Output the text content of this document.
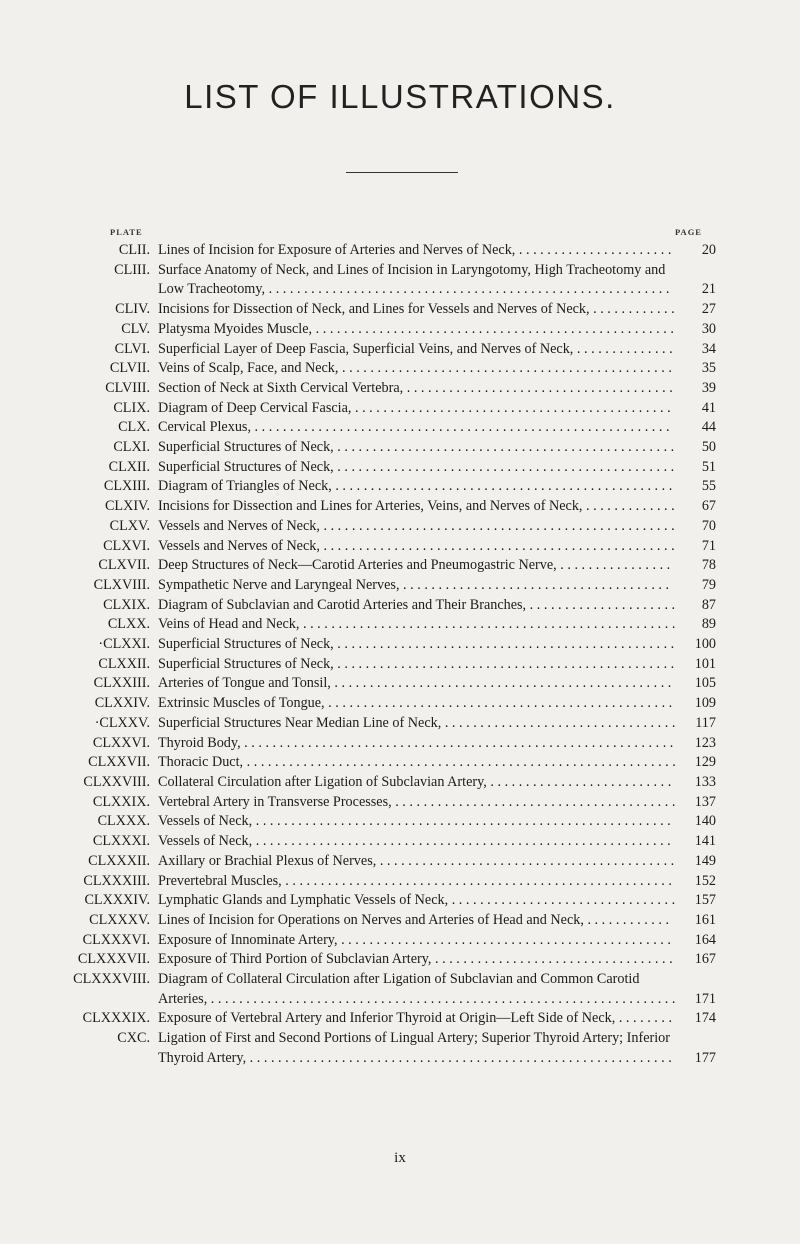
LIST OF ILLUSTRATIONS.
PLATE	PAGE
CLII. Lines of Incision for Exposure of Arteries and Nerves of Neck, . . . . . . . . . . . . . . . . . . . . . .	20
CLIII. Surface Anatomy of Neck, and Lines of Incision in Laryngotomy, High Tracheotomy and Low Tracheotomy, . . . . . . . . . . . . . . . . . . . . . . . . . . . . . . . . . . . . . . . . . . . . . . . . . . . . . . . . .	21
CLIV. Incisions for Dissection of Neck, and Lines for Vessels and Nerves of Neck, . . . . . . . . . . . .	27
CLV. Platysma Myoides Muscle, . . . . . . . . . . . . . . . . . . . . . . . . . . . . . . . . . . . . . . . . . . . . . . . . . . .	30
CLVI. Superficial Layer of Deep Fascia, Superficial Veins, and Nerves of Neck, . . . . . . . . . . . . . .	34
CLVII. Veins of Scalp, Face, and Neck, . . . . . . . . . . . . . . . . . . . . . . . . . . . . . . . . . . . . . . . . . . . . . . .	35
CLVIII. Section of Neck at Sixth Cervical Vertebra, . . . . . . . . . . . . . . . . . . . . . . . . . . . . . . . . . . . . . .	39
CLIX. Diagram of Deep Cervical Fascia, . . . . . . . . . . . . . . . . . . . . . . . . . . . . . . . . . . . . . . . . . . . . .	41
CLX. Cervical Plexus, . . . . . . . . . . . . . . . . . . . . . . . . . . . . . . . . . . . . . . . . . . . . . . . . . . . . . . . . . . .	44
CLXI. Superficial Structures of Neck, . . . . . . . . . . . . . . . . . . . . . . . . . . . . . . . . . . . . . . . . . . . . . . . .	50
CLXII. Superficial Structures of Neck, . . . . . . . . . . . . . . . . . . . . . . . . . . . . . . . . . . . . . . . . . . . . . . . .	51
CLXIII. Diagram of Triangles of Neck, . . . . . . . . . . . . . . . . . . . . . . . . . . . . . . . . . . . . . . . . . . . . . . . .	55
CLXIV. Incisions for Dissection and Lines for Arteries, Veins, and Nerves of Neck, . . . . . . . . . . . . .	67
CLXV. Vessels and Nerves of Neck, . . . . . . . . . . . . . . . . . . . . . . . . . . . . . . . . . . . . . . . . . . . . . . . . . .	70
CLXVI. Vessels and Nerves of Neck, . . . . . . . . . . . . . . . . . . . . . . . . . . . . . . . . . . . . . . . . . . . . . . . . . .	71
CLXVII. Deep Structures of Neck—Carotid Arteries and Pneumogastric Nerve, . . . . . . . . . . . . . . . .	78
CLXVIII. Sympathetic Nerve and Laryngeal Nerves, . . . . . . . . . . . . . . . . . . . . . . . . . . . . . . . . . . . . . .	79
CLXIX. Diagram of Subclavian and Carotid Arteries and Their Branches, . . . . . . . . . . . . . . . . . . . . .	87
CLXX. Veins of Head and Neck, . . . . . . . . . . . . . . . . . . . . . . . . . . . . . . . . . . . . . . . . . . . . . . . . . . . . .	89
·CLXXI. Superficial Structures of Neck, . . . . . . . . . . . . . . . . . . . . . . . . . . . . . . . . . . . . . . . . . . . . . . . .	100
CLXXII. Superficial Structures of Neck, . . . . . . . . . . . . . . . . . . . . . . . . . . . . . . . . . . . . . . . . . . . . . . . .	101
CLXXIII. Arteries of Tongue and Tonsil, . . . . . . . . . . . . . . . . . . . . . . . . . . . . . . . . . . . . . . . . . . . . . . . .	105
CLXXIV. Extrinsic Muscles of Tongue, . . . . . . . . . . . . . . . . . . . . . . . . . . . . . . . . . . . . . . . . . . . . . . . . .	109
·CLXXV. Superficial Structures Near Median Line of Neck, . . . . . . . . . . . . . . . . . . . . . . . . . . . . . . . . .	117
CLXXVI. Thyroid Body, . . . . . . . . . . . . . . . . . . . . . . . . . . . . . . . . . . . . . . . . . . . . . . . . . . . . . . . . . . . . .	123
CLXXVII. Thoracic Duct, . . . . . . . . . . . . . . . . . . . . . . . . . . . . . . . . . . . . . . . . . . . . . . . . . . . . . . . . . . . . .	129
CLXXVIII. Collateral Circulation after Ligation of Subclavian Artery, . . . . . . . . . . . . . . . . . . . . . . . . . .	133
CLXXIX. Vertebral Artery in Transverse Processes, . . . . . . . . . . . . . . . . . . . . . . . . . . . . . . . . . . . . . . . .	137
CLXXX. Vessels of Neck, . . . . . . . . . . . . . . . . . . . . . . . . . . . . . . . . . . . . . . . . . . . . . . . . . . . . . . . . . . .	140
CLXXXI. Vessels of Neck, . . . . . . . . . . . . . . . . . . . . . . . . . . . . . . . . . . . . . . . . . . . . . . . . . . . . . . . . . . .	141
CLXXXII. Axillary or Brachial Plexus of Nerves, . . . . . . . . . . . . . . . . . . . . . . . . . . . . . . . . . . . . . . . . . .	149
CLXXXIII. Prevertebral Muscles, . . . . . . . . . . . . . . . . . . . . . . . . . . . . . . . . . . . . . . . . . . . . . . . . . . . . . . .	152
CLXXXIV. Lymphatic Glands and Lymphatic Vessels of Neck, . . . . . . . . . . . . . . . . . . . . . . . . . . . . . . . .	157
CLXXXV. Lines of Incision for Operations on Nerves and Arteries of Head and Neck, . . . . . . . . . . . .	161
CLXXXVI. Exposure of Innominate Artery, . . . . . . . . . . . . . . . . . . . . . . . . . . . . . . . . . . . . . . . . . . . . . . .	164
CLXXXVII. Exposure of Third Portion of Subclavian Artery, . . . . . . . . . . . . . . . . . . . . . . . . . . . . . . . . . .	167
CLXXXVIII. Diagram of Collateral Circulation after Ligation of Subclavian and Common Carotid Arteries, . . . . . . . . . . . . . . . . . . . . . . . . . . . . . . . . . . . . . . . . . . . . . . . . . . . . . . . . . . . . . . . . . .	171
CLXXXIX. Exposure of Vertebral Artery and Inferior Thyroid at Origin—Left Side of Neck, . . . . . . . .	174
CXC. Ligation of First and Second Portions of Lingual Artery; Superior Thyroid Artery; Inferior Thyroid Artery, . . . . . . . . . . . . . . . . . . . . . . . . . . . . . . . . . . . . . . . . . . . . . . . . . . . . . . . . . . . .	177
ix
